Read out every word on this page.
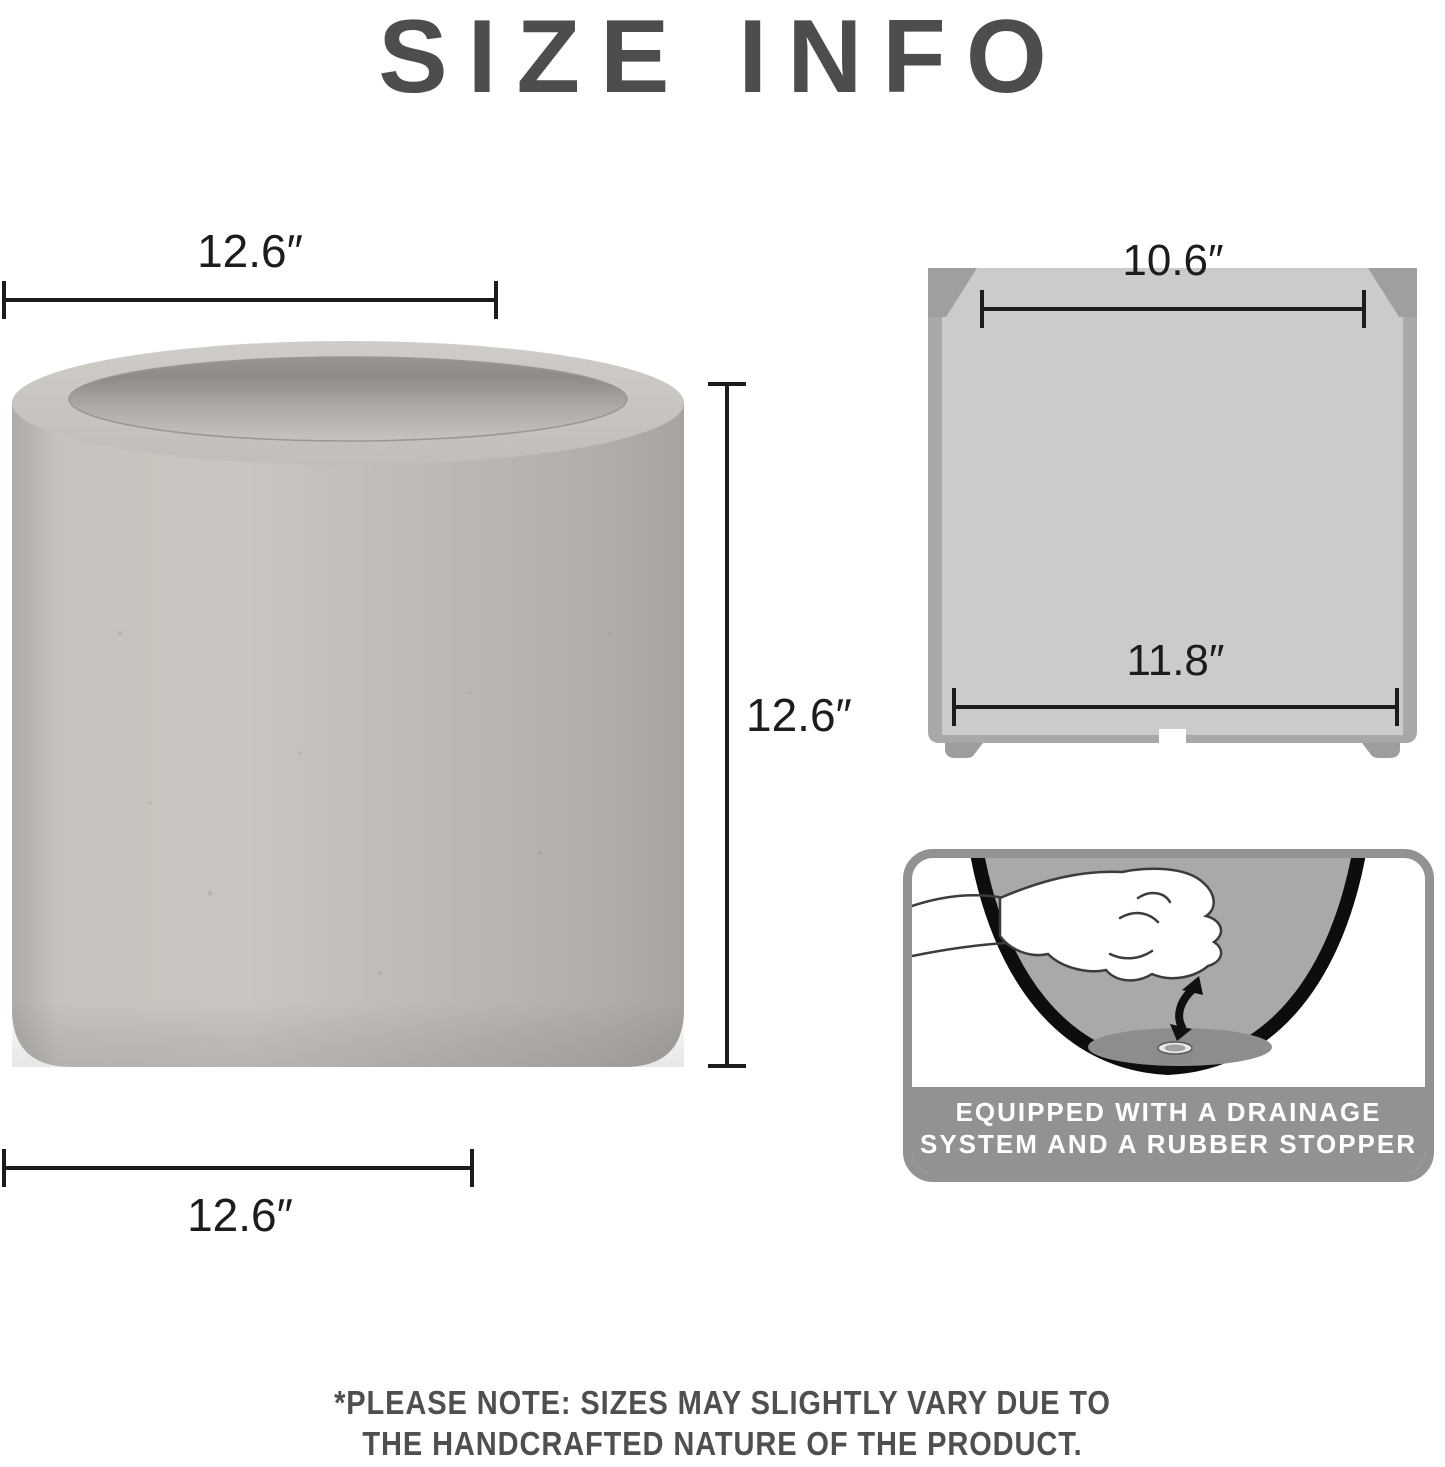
SIZE INFO
12.6″
12.6″
12.6″
10.6″
11.8″
EQUIPPED WITH A DRAINAGE
SYSTEM AND A RUBBER STOPPER
*PLEASE NOTE: SIZES MAY SLIGHTLY VARY DUE TO
THE HANDCRAFTED NATURE OF THE PRODUCT.
